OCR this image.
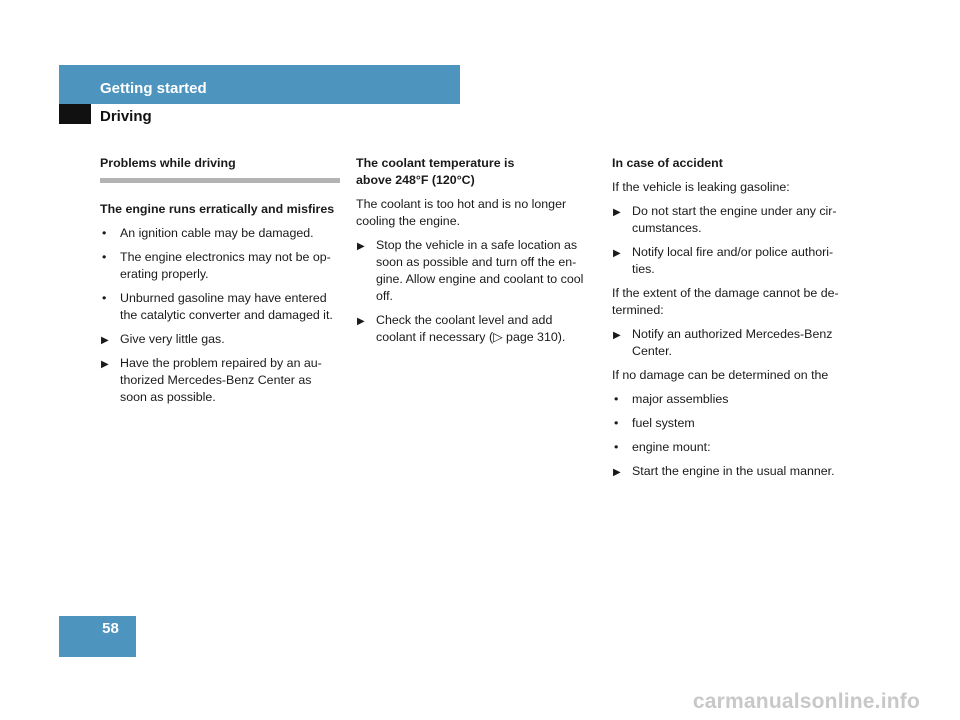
Getting started
Driving
Problems while driving
The engine runs erratically and misfires
•	An ignition cable may be damaged.
•	The engine electronics may not be op-
erating properly.
•	Unburned gasoline may have entered
the catalytic converter and damaged it.
▶ Give very little gas.
▶ Have the problem repaired by an au-
thorized Mercedes-Benz Center as
soon as possible.
The coolant temperature is
above 248°F (120°C)
The coolant is too hot and is no longer
cooling the engine.
▶ Stop the vehicle in a safe location as
soon as possible and turn off the en-
gine. Allow engine and coolant to cool
off.
▶ Check the coolant level and add
coolant if necessary (▷ page 310).
In case of accident
If the vehicle is leaking gasoline:
▶ Do not start the engine under any cir-
cumstances.
▶ Notify local fire and/or police authori-
ties.
If the extent of the damage cannot be de-
termined:
▶ Notify an authorized Mercedes-Benz
Center.
If no damage can be determined on the
•	major assemblies
•	fuel system
•	engine mount:
▶ Start the engine in the usual manner.
58
carmanualsonline.info
